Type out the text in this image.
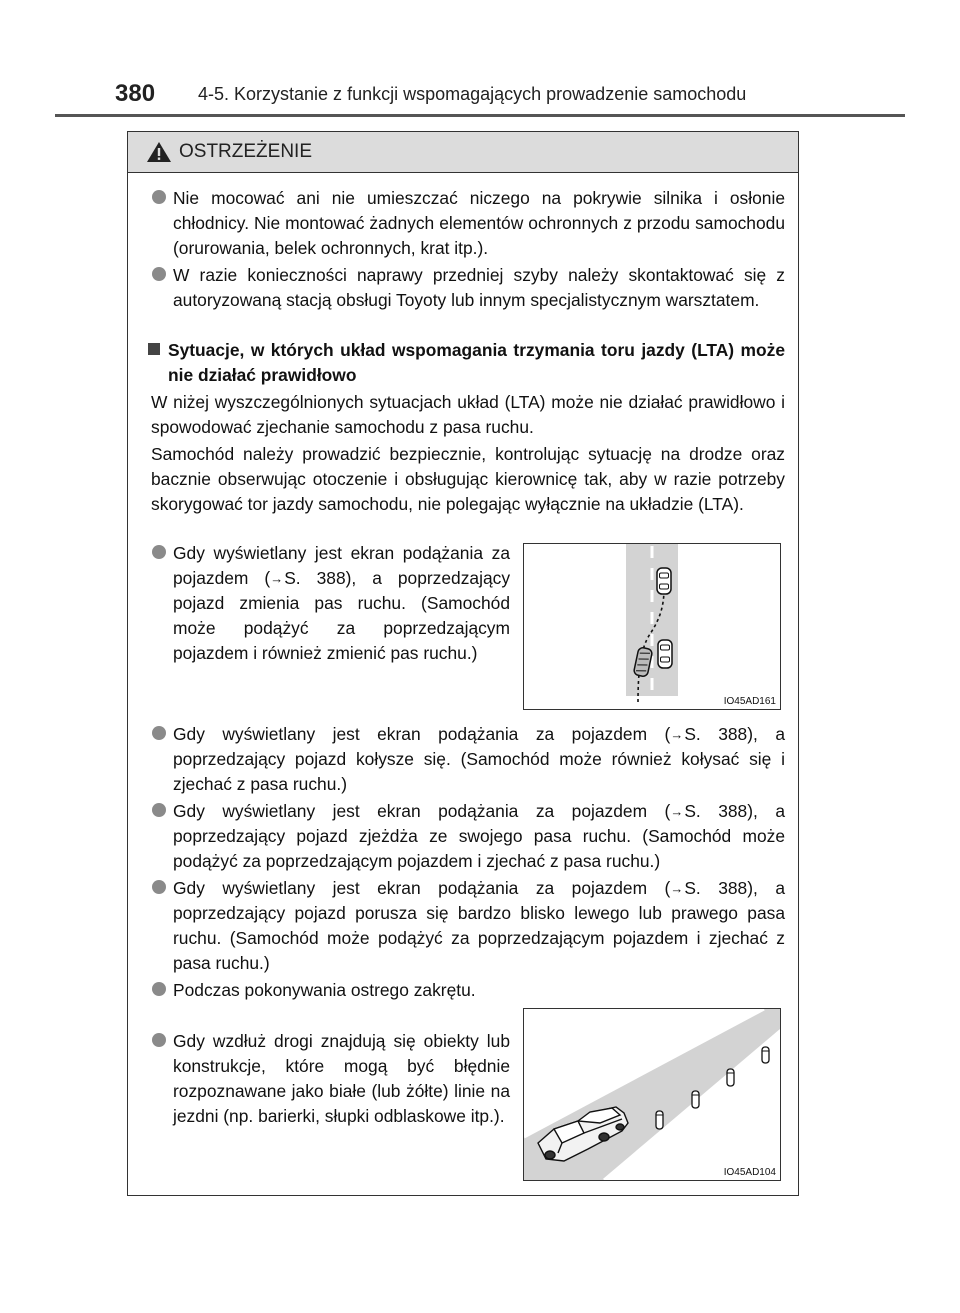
380 4-5. Korzystanie z funkcji wspomagających prowadzenie samochodu
OSTRZEŻENIE
Nie mocować ani nie umieszczać niczego na pokrywie silnika i osłonie chłodnicy. Nie montować żadnych elementów ochronnych z przodu samochodu (orurowania, belek ochronnych, krat itp.).
W razie konieczności naprawy przedniej szyby należy skontaktować się z autoryzowaną stacją obsługi Toyoty lub innym specjalistycznym warsztatem.
Sytuacje, w których układ wspomagania trzymania toru jazdy (LTA) może nie działać prawidłowo
W niżej wyszczególnionych sytuacjach układ (LTA) może nie działać prawidłowo i spowodować zjechanie samochodu z pasa ruchu.
Samochód należy prowadzić bezpiecznie, kontrolując sytuację na drodze oraz bacznie obserwując otoczenie i obsługując kierownicę tak, aby w razie potrzeby skorygować tor jazdy samochodu, nie polegając wyłącznie na układzie (LTA).
Gdy wyświetlany jest ekran podążania za pojazdem (→S. 388), a poprzedzający pojazd zmienia pas ruchu. (Samochód może podążyć za poprzedzającym pojazdem i również zmienić pas ruchu.)
IO45AD161
Gdy wyświetlany jest ekran podążania za pojazdem (→S. 388), a poprzedzający pojazd kołysze się. (Samochód może również kołysać się i zjechać z pasa ruchu.)
Gdy wyświetlany jest ekran podążania za pojazdem (→S. 388), a poprzedzający pojazd zjeżdża ze swojego pasa ruchu. (Samochód może podążyć za poprzedzającym pojazdem i zjechać z pasa ruchu.)
Gdy wyświetlany jest ekran podążania za pojazdem (→S. 388), a poprzedzający pojazd porusza się bardzo blisko lewego lub prawego pasa ruchu. (Samochód może podążyć za poprzedzającym pojazdem i zjechać z pasa ruchu.)
Podczas pokonywania ostrego zakrętu.
Gdy wzdłuż drogi znajdują się obiekty lub konstrukcje, które mogą być błędnie rozpoznawane jako białe (lub żółte) linie na jezdni (np. barierki, słupki odblaskowe itp.).
IO45AD104
